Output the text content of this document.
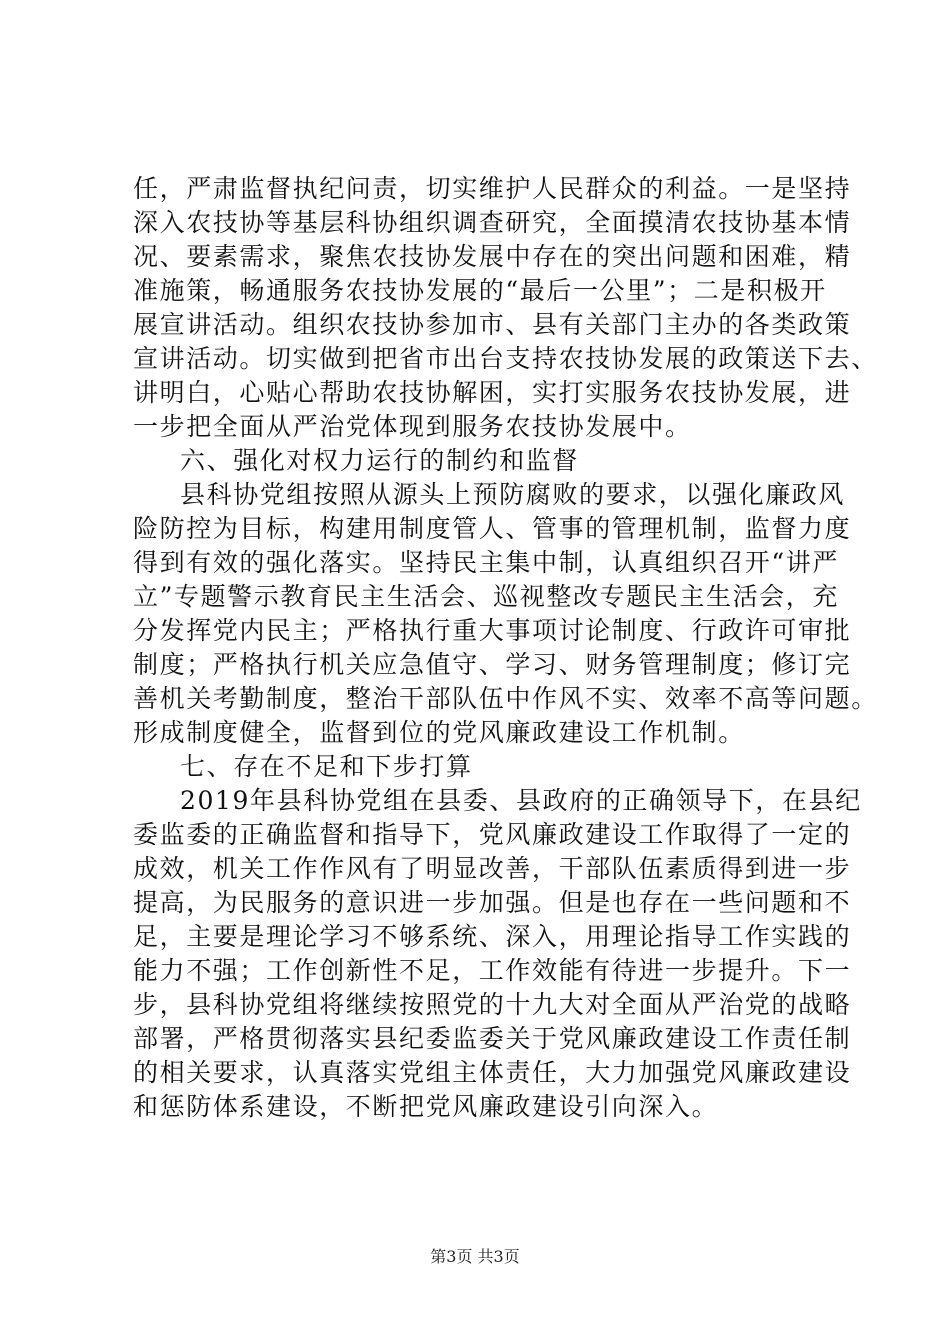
任，严肃监督执纪问责，切实维护人民群众的利益。一是坚持
深入农技协等基层科协组织调查研究，全面摸清农技协基本情
况、要素需求，聚焦农技协发展中存在的突出问题和困难，精
准施策，畅通服务农技协发展的“最后一公里”；二是积极开
展宣讲活动。组织农技协参加市、县有关部门主办的各类政策
宣讲活动。切实做到把省市出台支持农技协发展的政策送下去、
讲明白，心贴心帮助农技协解困，实打实服务农技协发展，进
一步把全面从严治党体现到服务农技协发展中。
六、强化对权力运行的制约和监督
县科协党组按照从源头上预防腐败的要求，以强化廉政风
险防控为目标，构建用制度管人、管事的管理机制，监督力度
得到有效的强化落实。坚持民主集中制，认真组织召开“讲严
立”专题警示教育民主生活会、巡视整改专题民主生活会，充
分发挥党内民主；严格执行重大事项讨论制度、行政许可审批
制度；严格执行机关应急值守、学习、财务管理制度；修订完
善机关考勤制度，整治干部队伍中作风不实、效率不高等问题。
形成制度健全，监督到位的党风廉政建设工作机制。
七、存在不足和下步打算
2019年县科协党组在县委、县政府的正确领导下，在县纪
委监委的正确监督和指导下，党风廉政建设工作取得了一定的
成效，机关工作作风有了明显改善，干部队伍素质得到进一步
提高，为民服务的意识进一步加强。但是也存在一些问题和不
足，主要是理论学习不够系统、深入，用理论指导工作实践的
能力不强；工作创新性不足，工作效能有待进一步提升。下一
步，县科协党组将继续按照党的十九大对全面从严治党的战略
部署，严格贯彻落实县纪委监委关于党风廉政建设工作责任制
的相关要求，认真落实党组主体责任，大力加强党风廉政建设
和惩防体系建设，不断把党风廉政建设引向深入。
第3页 共3页
